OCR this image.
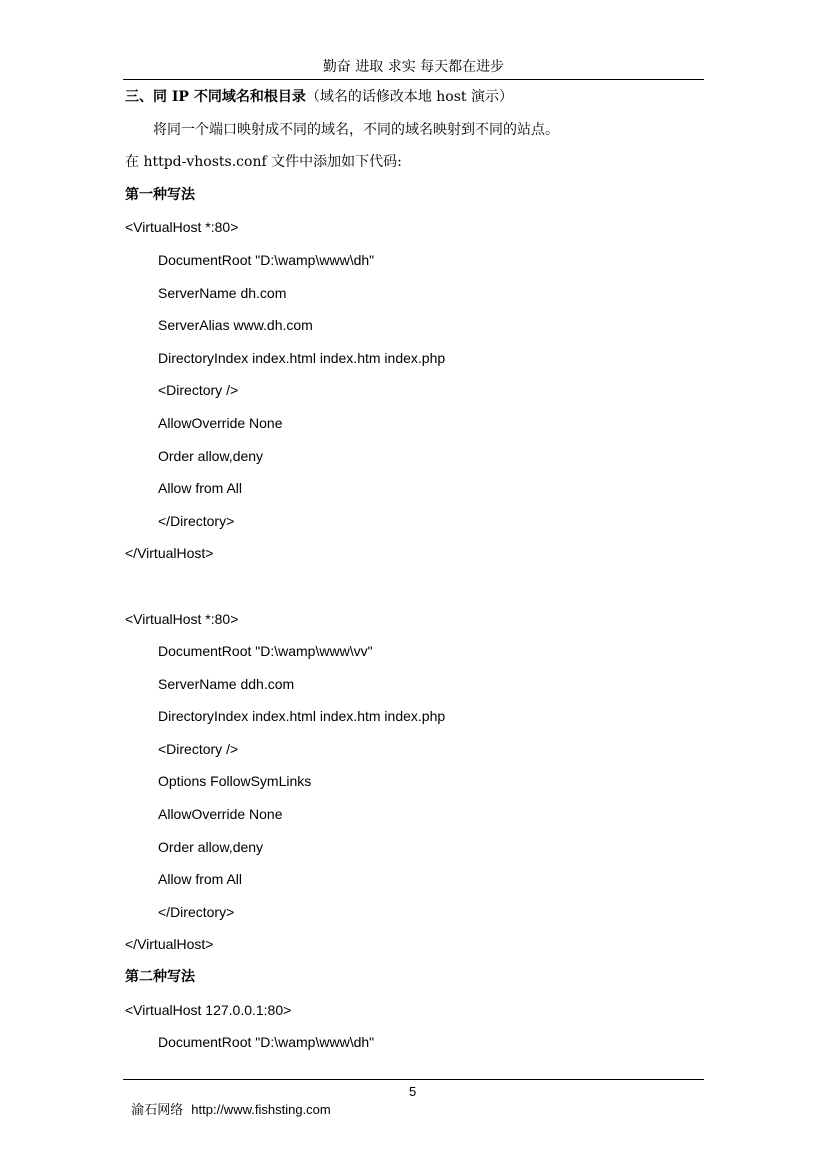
勤奋 进取 求实 每天都在进步
三、同 IP 不同域名和根目录（域名的话修改本地 host 演示）
将同一个端口映射成不同的域名，不同的域名映射到不同的站点。
在 httpd-vhosts.conf 文件中添加如下代码:
第一种写法
<VirtualHost *:80>
DocumentRoot "D:\wamp\www\dh"
ServerName dh.com
ServerAlias www.dh.com
DirectoryIndex index.html index.htm index.php
<Directory />
AllowOverride None
Order allow,deny
Allow from All
</Directory>
</VirtualHost>
<VirtualHost *:80>
DocumentRoot "D:\wamp\www\vv"
ServerName ddh.com
DirectoryIndex index.html index.htm index.php
<Directory />
Options FollowSymLinks
AllowOverride None
Order allow,deny
Allow from All
</Directory>
</VirtualHost>
第二种写法
<VirtualHost 127.0.0.1:80>
DocumentRoot "D:\wamp\www\dh"

渝石网络 http://www.fishsting.com
5
